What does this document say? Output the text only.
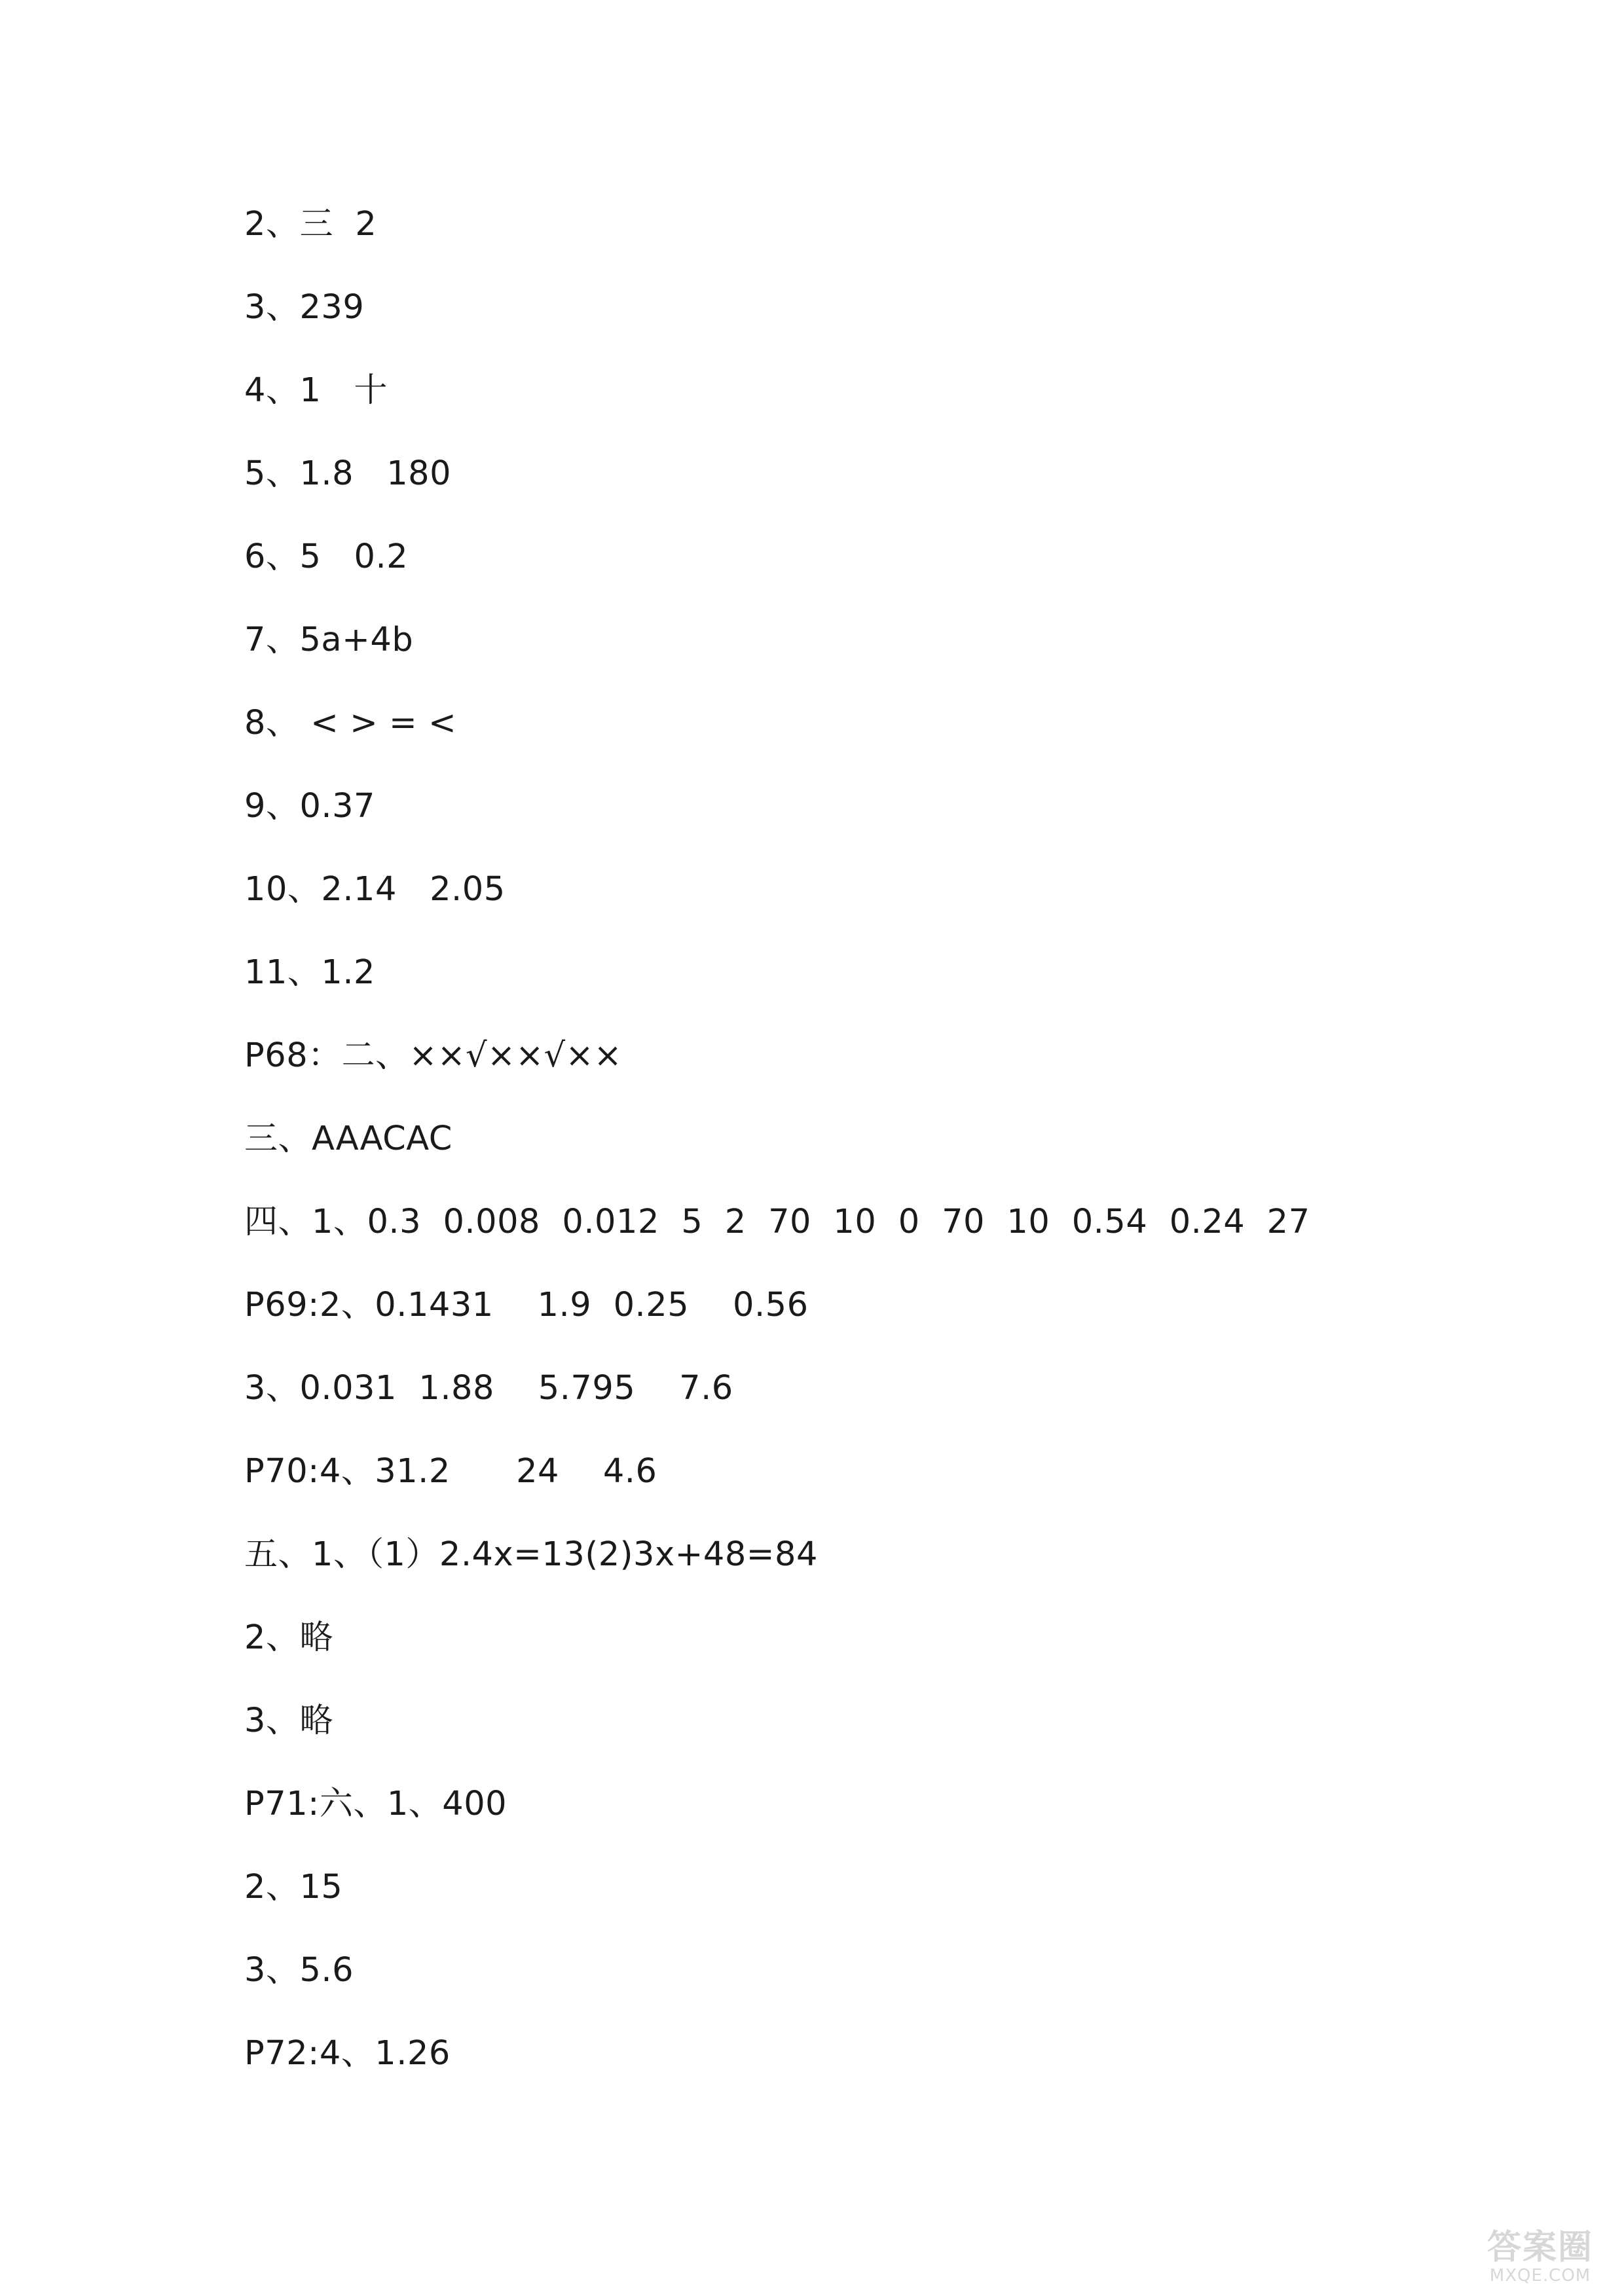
2、三  2
3、239
4、1   十
5、1.8   180
6、5   0.2
7、5a+4b
8、 < > = <
9、0.37
10、2.14   2.05
11、1.2
P68：二、××√××√××
三、AAACAC
四、1、0.3  0.008  0.012  5  2  70  10  0  70  10  0.54  0.24  27
P69:2、0.1431    1.9  0.25    0.56
3、0.031  1.88    5.795    7.6
P70:4、31.2      24    4.6
五、1、（1）2.4x=13(2)3x+48=84
2、略
3、略
P71:六、1、400
2、15
3、5.6
P72:4、1.26
答案圈
MXQE.COM
